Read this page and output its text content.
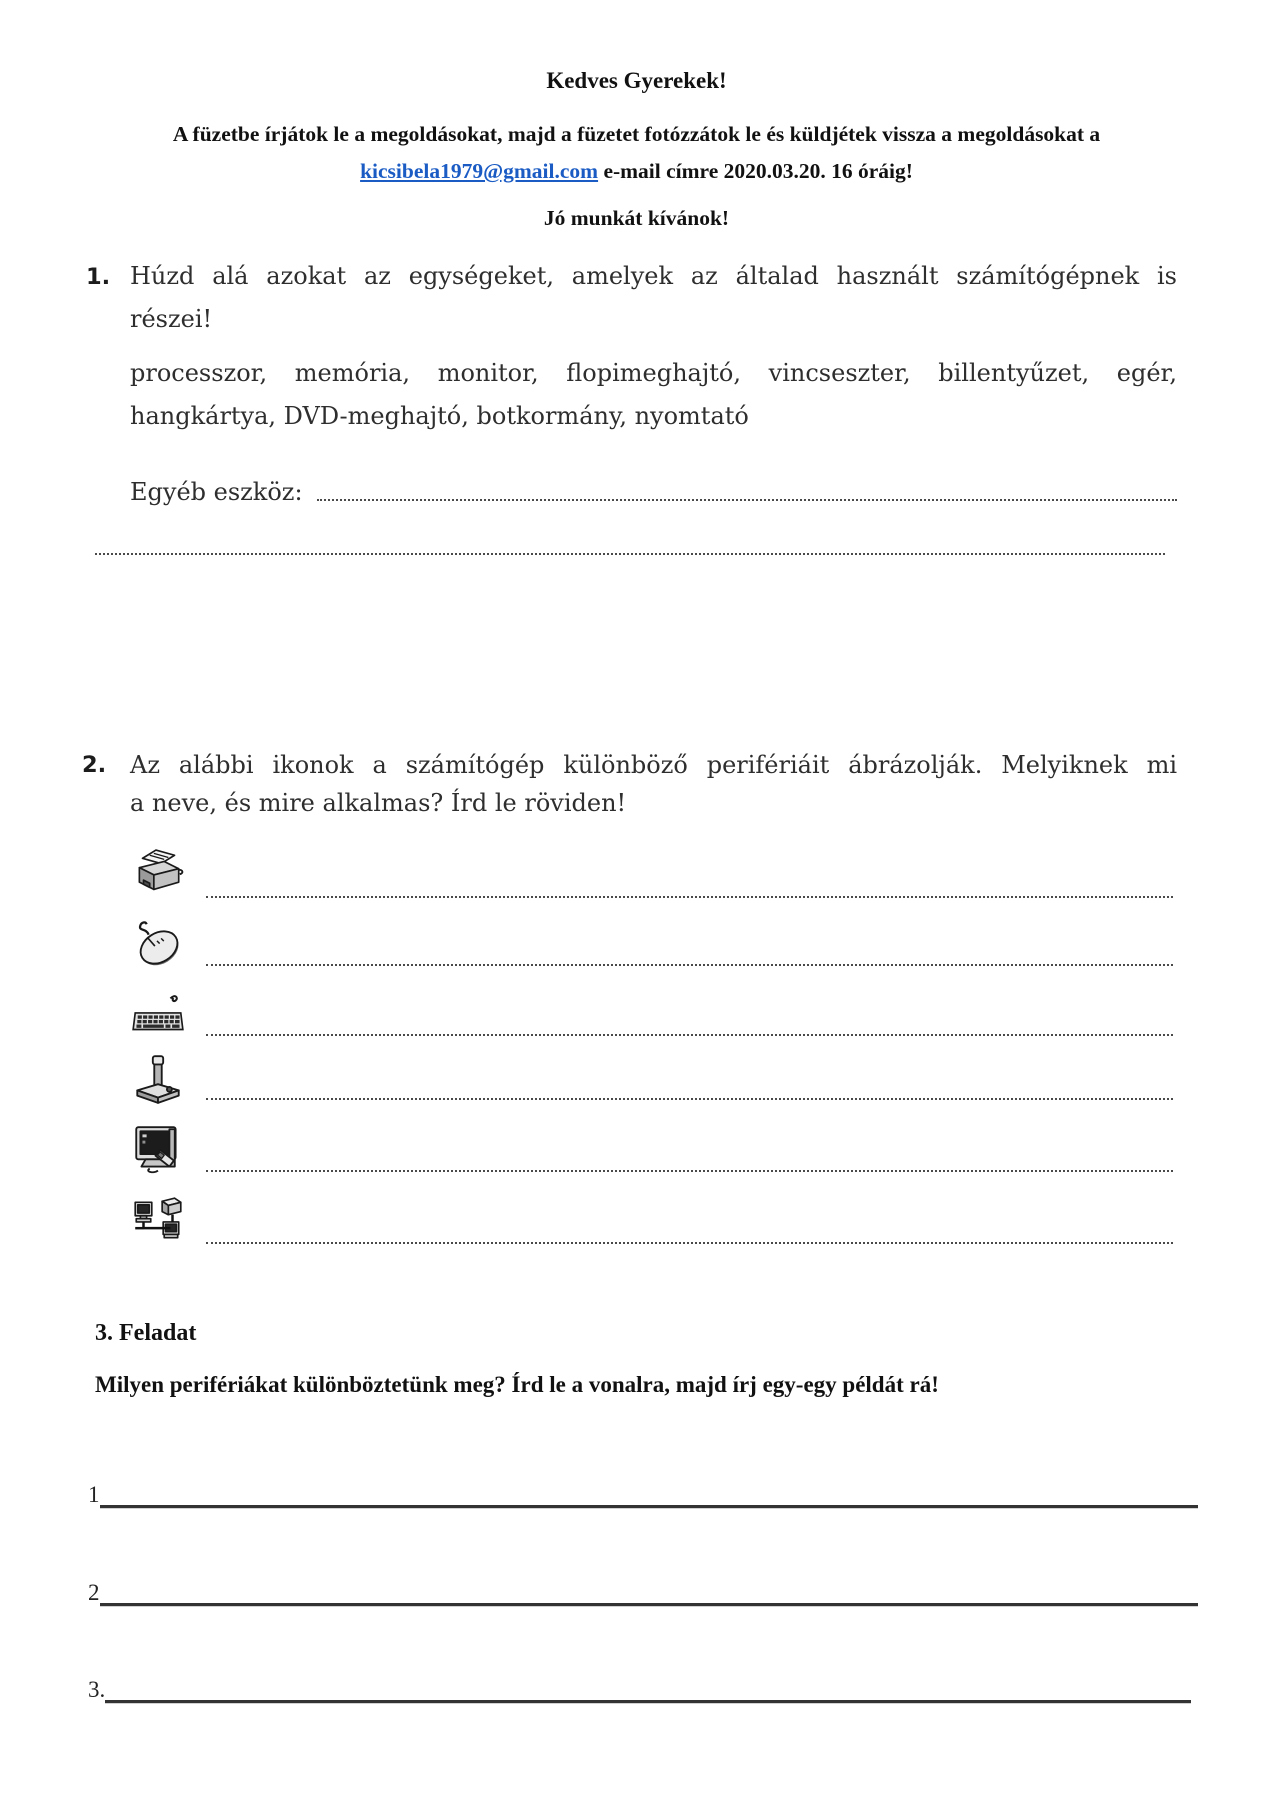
Kedves Gyerekek!
A füzetbe írjátok le a megoldásokat, majd a füzetet fotózzátok le és küldjétek vissza a megoldásokat a
kicsibela1979@gmail.com e-mail címre 2020.03.20. 16 óráig!
Jó munkát kívánok!
1. Húzd alá azokat az egységeket, amelyek az általad használt számítógépnek is
részei!
processzor, memória, monitor, flopimeghajtó, vincseszter, billentyűzet, egér,
hangkártya, DVD-meghajtó, botkormány, nyomtató
Egyéb eszköz:
2. Az alábbi ikonok a számítógép különböző perifériáit ábrázolják. Melyiknek mi
a neve, és mire alkalmas? Írd le röviden!
3. Feladat
Milyen perifériákat különböztetünk meg? Írd le a vonalra, majd írj egy-egy példát rá!
1
2
3.
